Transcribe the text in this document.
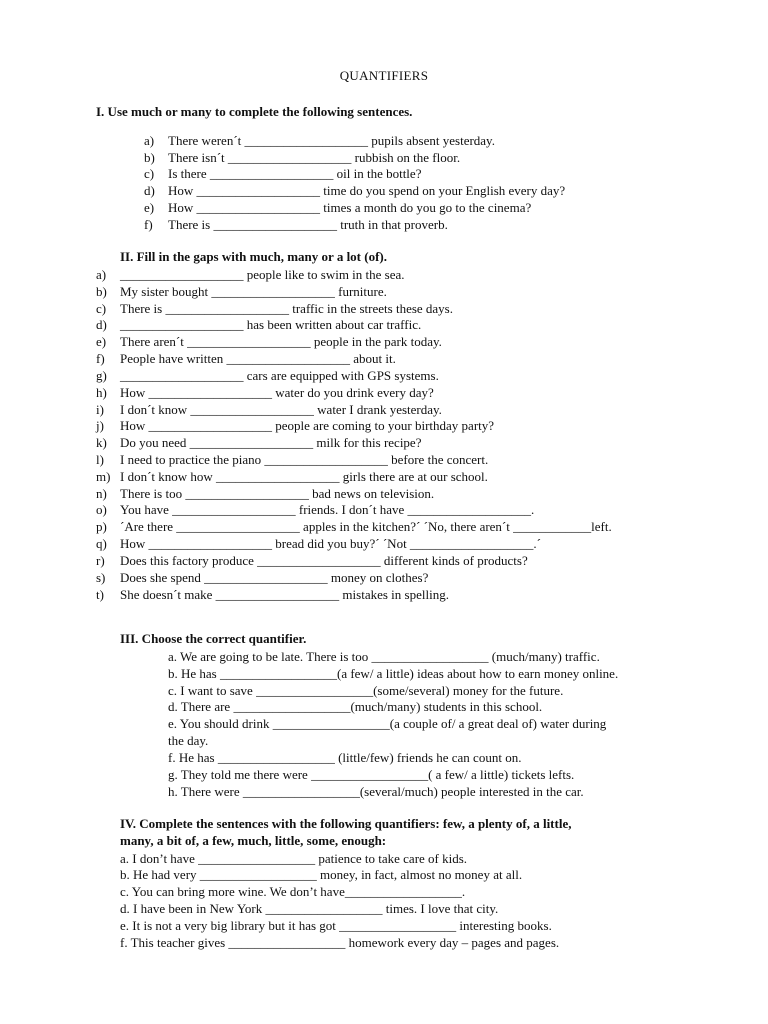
QUANTIFIERS
I. Use much or many to complete the following sentences.
a) There weren´t ___________________ pupils absent yesterday.
b) There isn´t ___________________ rubbish on the floor.
c) Is there ___________________ oil in the bottle?
d) How ___________________ time do you spend on your English every day?
e) How ___________________ times a month do you go to the cinema?
f) There is ___________________ truth in that proverb.
II. Fill in the gaps with much, many or a lot (of).
a) ___________________ people like to swim in the sea.
b) My sister bought ___________________ furniture.
c) There is ___________________ traffic in the streets these days.
d) ___________________ has been written about car traffic.
e) There aren´t ___________________ people in the park today.
f) People have written ___________________ about it.
g) ___________________ cars are equipped with GPS systems.
h) How ___________________ water do you drink every day?
i) I don´t know ___________________ water I drank yesterday.
j) How ___________________ people are coming to your birthday party?
k) Do you need ___________________ milk for this recipe?
l) I need to practice the piano ___________________ before the concert.
m) I don´t know how ___________________ girls there are at our school.
n) There is too ___________________ bad news on television.
o) You have ___________________ friends. I don´t have ___________________.
p) ´Are there ___________________ apples in the kitchen?´ ´No, there aren´t ____________left.
q) How ___________________ bread did you buy?´ ´Not ___________________.´
r) Does this factory produce ___________________ different kinds of products?
s) Does she spend ___________________ money on clothes?
t) She doesn´t make ___________________ mistakes in spelling.
III. Choose the correct quantifier.
a. We are going to be late. There is too __________________ (much/many) traffic.
b. He has __________________(a few/ a little) ideas about how to earn money online.
c. I want to save __________________(some/several) money for the future.
d. There are __________________(much/many) students in this school.
e. You should drink __________________(a couple of/ a great deal of) water during
the day.
f. He has __________________ (little/few) friends he can count on.
g. They told me there were __________________( a few/ a little) tickets lefts.
h. There were __________________(several/much) people interested in the car.
IV. Complete the sentences with the following quantifiers: few, a plenty of, a little,
many, a bit of, a few, much, little, some, enough:
a. I don’t have __________________ patience to take care of kids.
b. He had very __________________ money, in fact, almost no money at all.
c. You can bring more wine. We don’t have__________________.
d. I have been in New York __________________ times. I love that city.
e. It is not a very big library but it has got __________________ interesting books.
f. This teacher gives __________________ homework every day – pages and pages.
